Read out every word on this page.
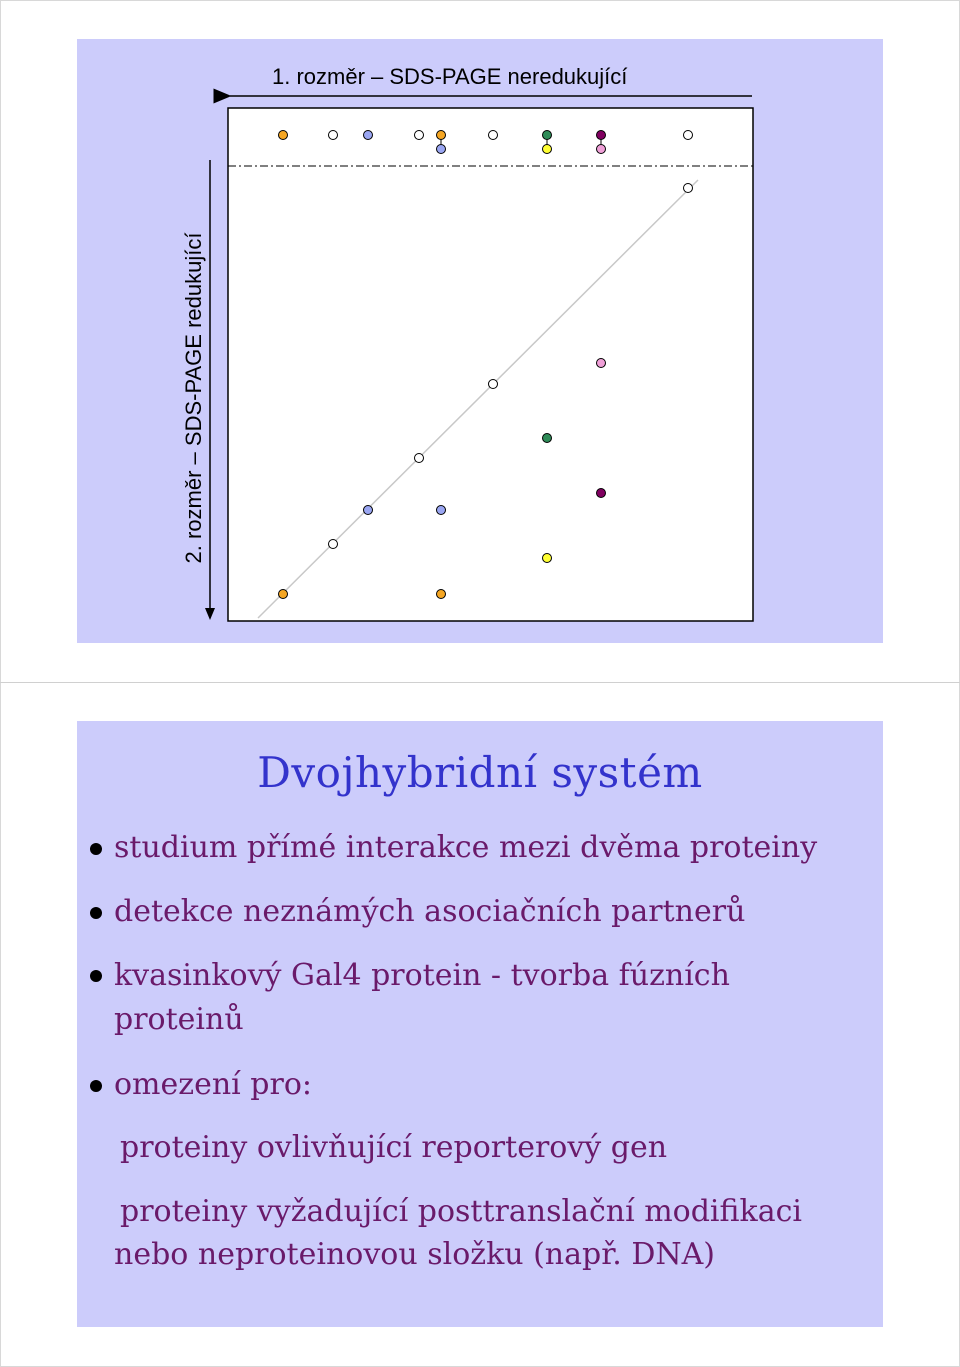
1. rozměr – SDS-PAGE neredukující
2. rozměr – SDS-PAGE redukující
Dvojhybridní systém
studium přímé interakce mezi dvěma proteiny
detekce neznámých asociačních partnerů
kvasinkový Gal4 protein - tvorba fúzních
proteinů
omezení pro:
proteiny ovlivňující reporterový gen
proteiny vyžadující posttranslační modifikaci
nebo neproteinovou složku (např. DNA)
